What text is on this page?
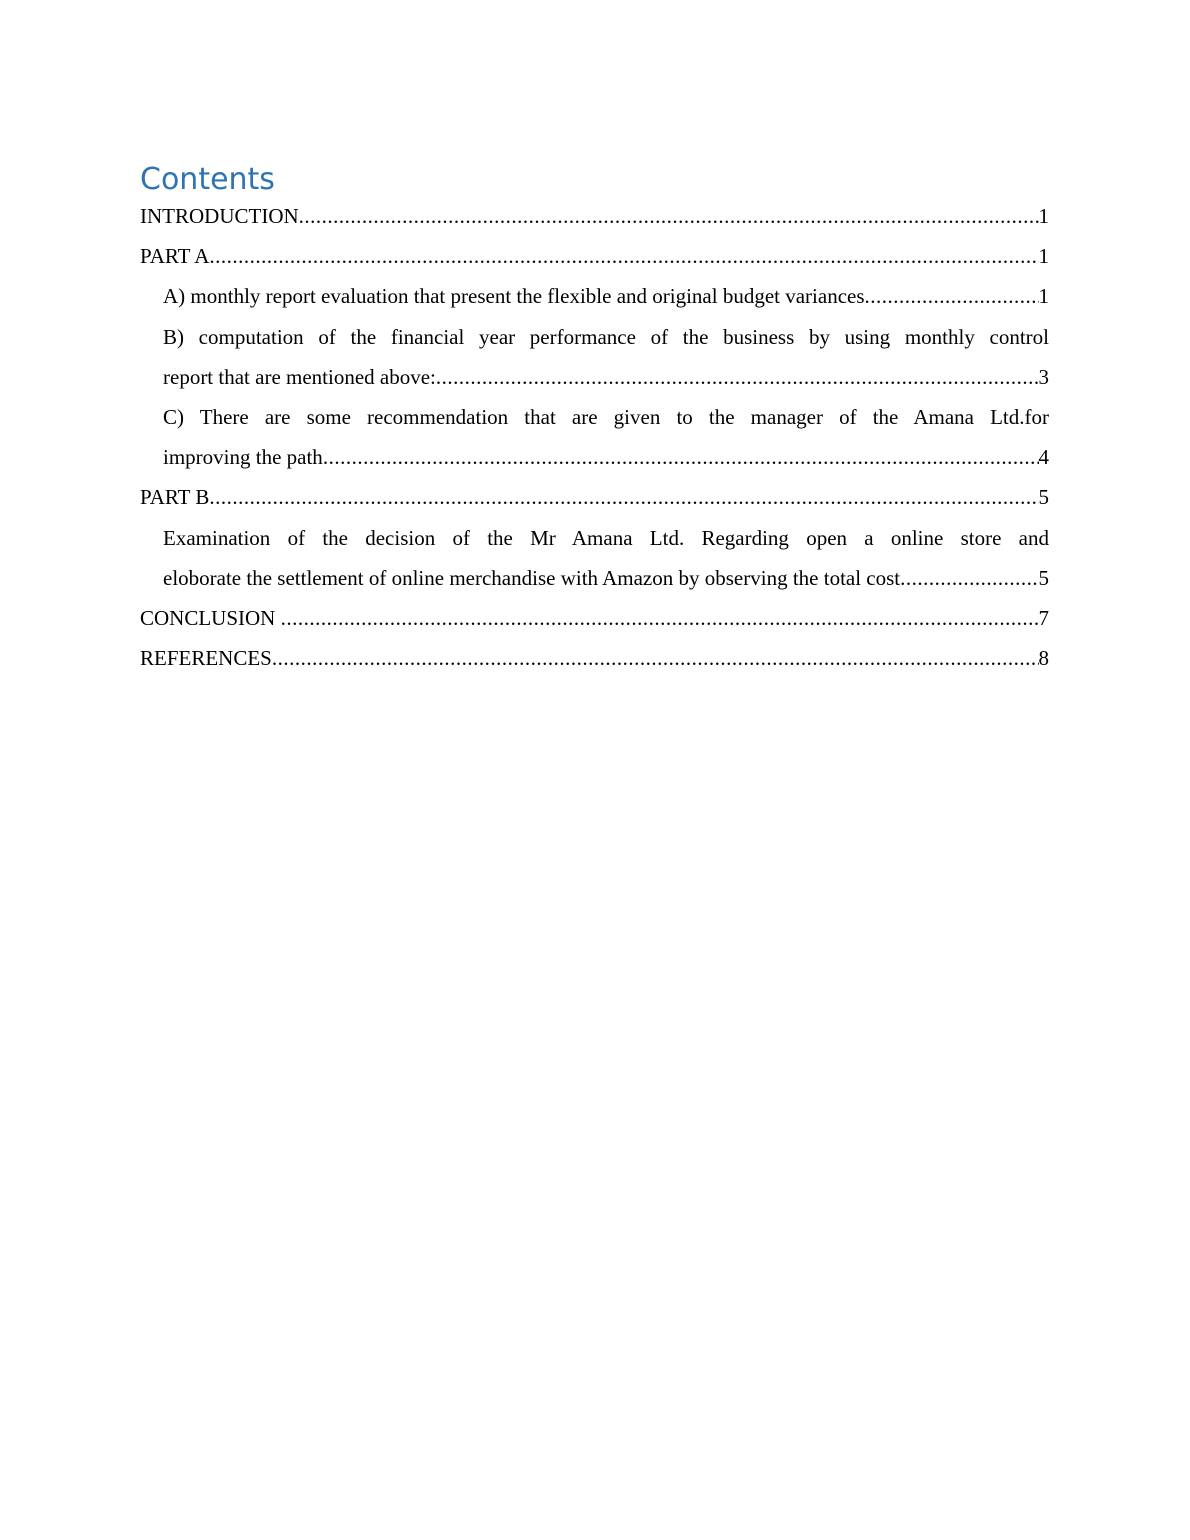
Contents
INTRODUCTION .....	1
PART A .....	1
A) monthly report evaluation that present the flexible and original budget variances .....	1
B) computation of the financial year performance of the business by using monthly control
report that are mentioned above: .....	3
C) There are some recommendation that are given to the manager of the Amana Ltd.for
improving the path .....	4
PART B .....	5
Examination of the decision of the Mr Amana Ltd. Regarding open a online store and
eloborate the settlement of online merchandise with Amazon by observing the total cost .....	5
CONCLUSION .....	7
REFERENCES .....	8
